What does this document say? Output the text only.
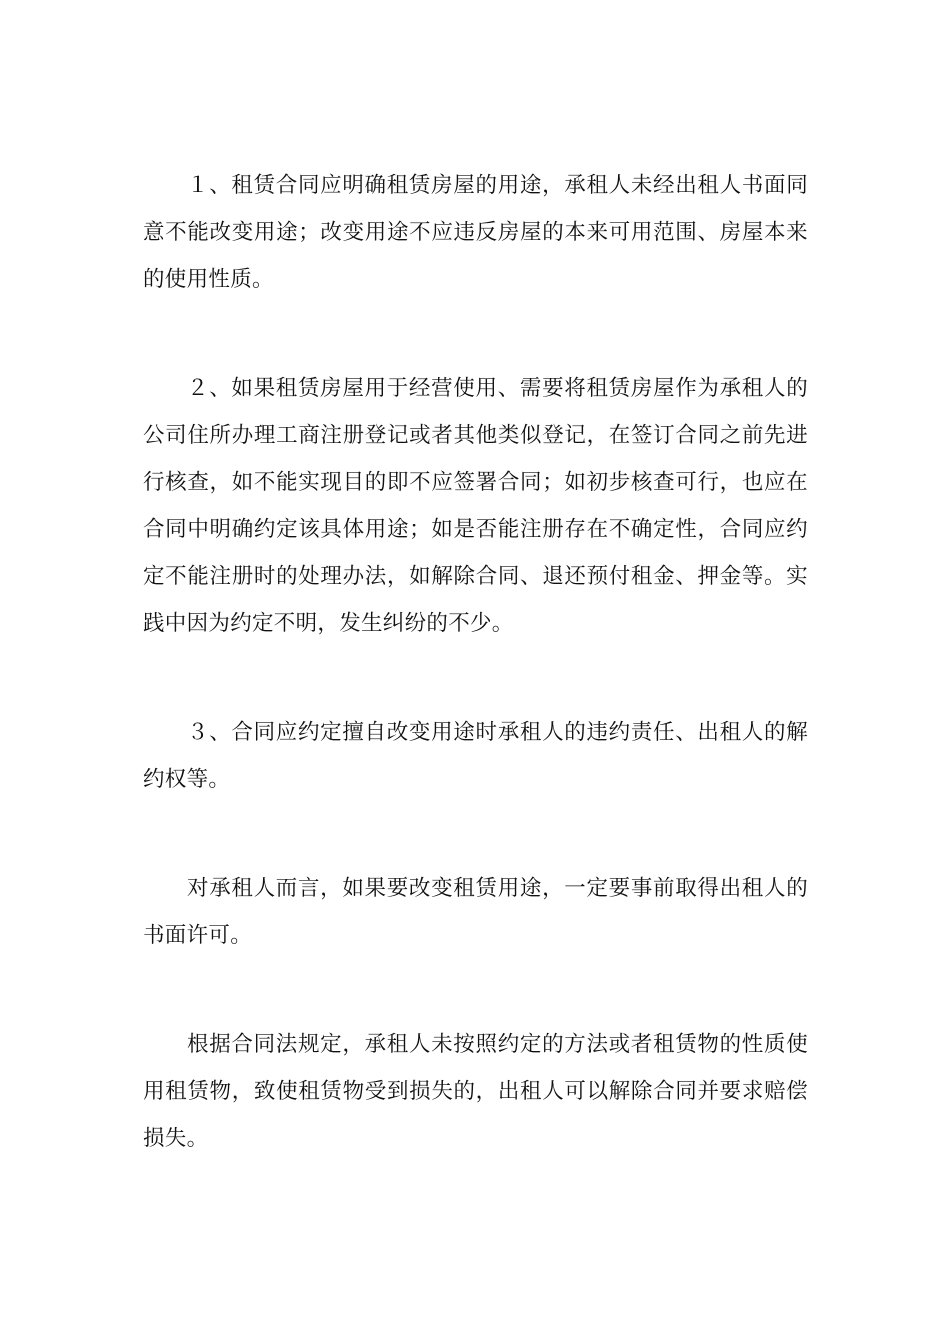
１、租赁合同应明确租赁房屋的用途，承租人未经出租人书面同意不能改变用途；改变用途不应违反房屋的本来可用范围、房屋本来的使用性质。

２、如果租赁房屋用于经营使用、需要将租赁房屋作为承租人的公司住所办理工商注册登记或者其他类似登记，在签订合同之前先进行核查，如不能实现目的即不应签署合同；如初步核查可行，也应在合同中明确约定该具体用途；如是否能注册存在不确定性，合同应约定不能注册时的处理办法，如解除合同、退还预付租金、押金等。实践中因为约定不明，发生纠纷的不少。

３、合同应约定擅自改变用途时承租人的违约责任、出租人的解约权等。

对承租人而言，如果要改变租赁用途，一定要事前取得出租人的书面许可。

根据合同法规定，承租人未按照约定的方法或者租赁物的性质使用租赁物，致使租赁物受到损失的，出租人可以解除合同并要求赔偿损失。
